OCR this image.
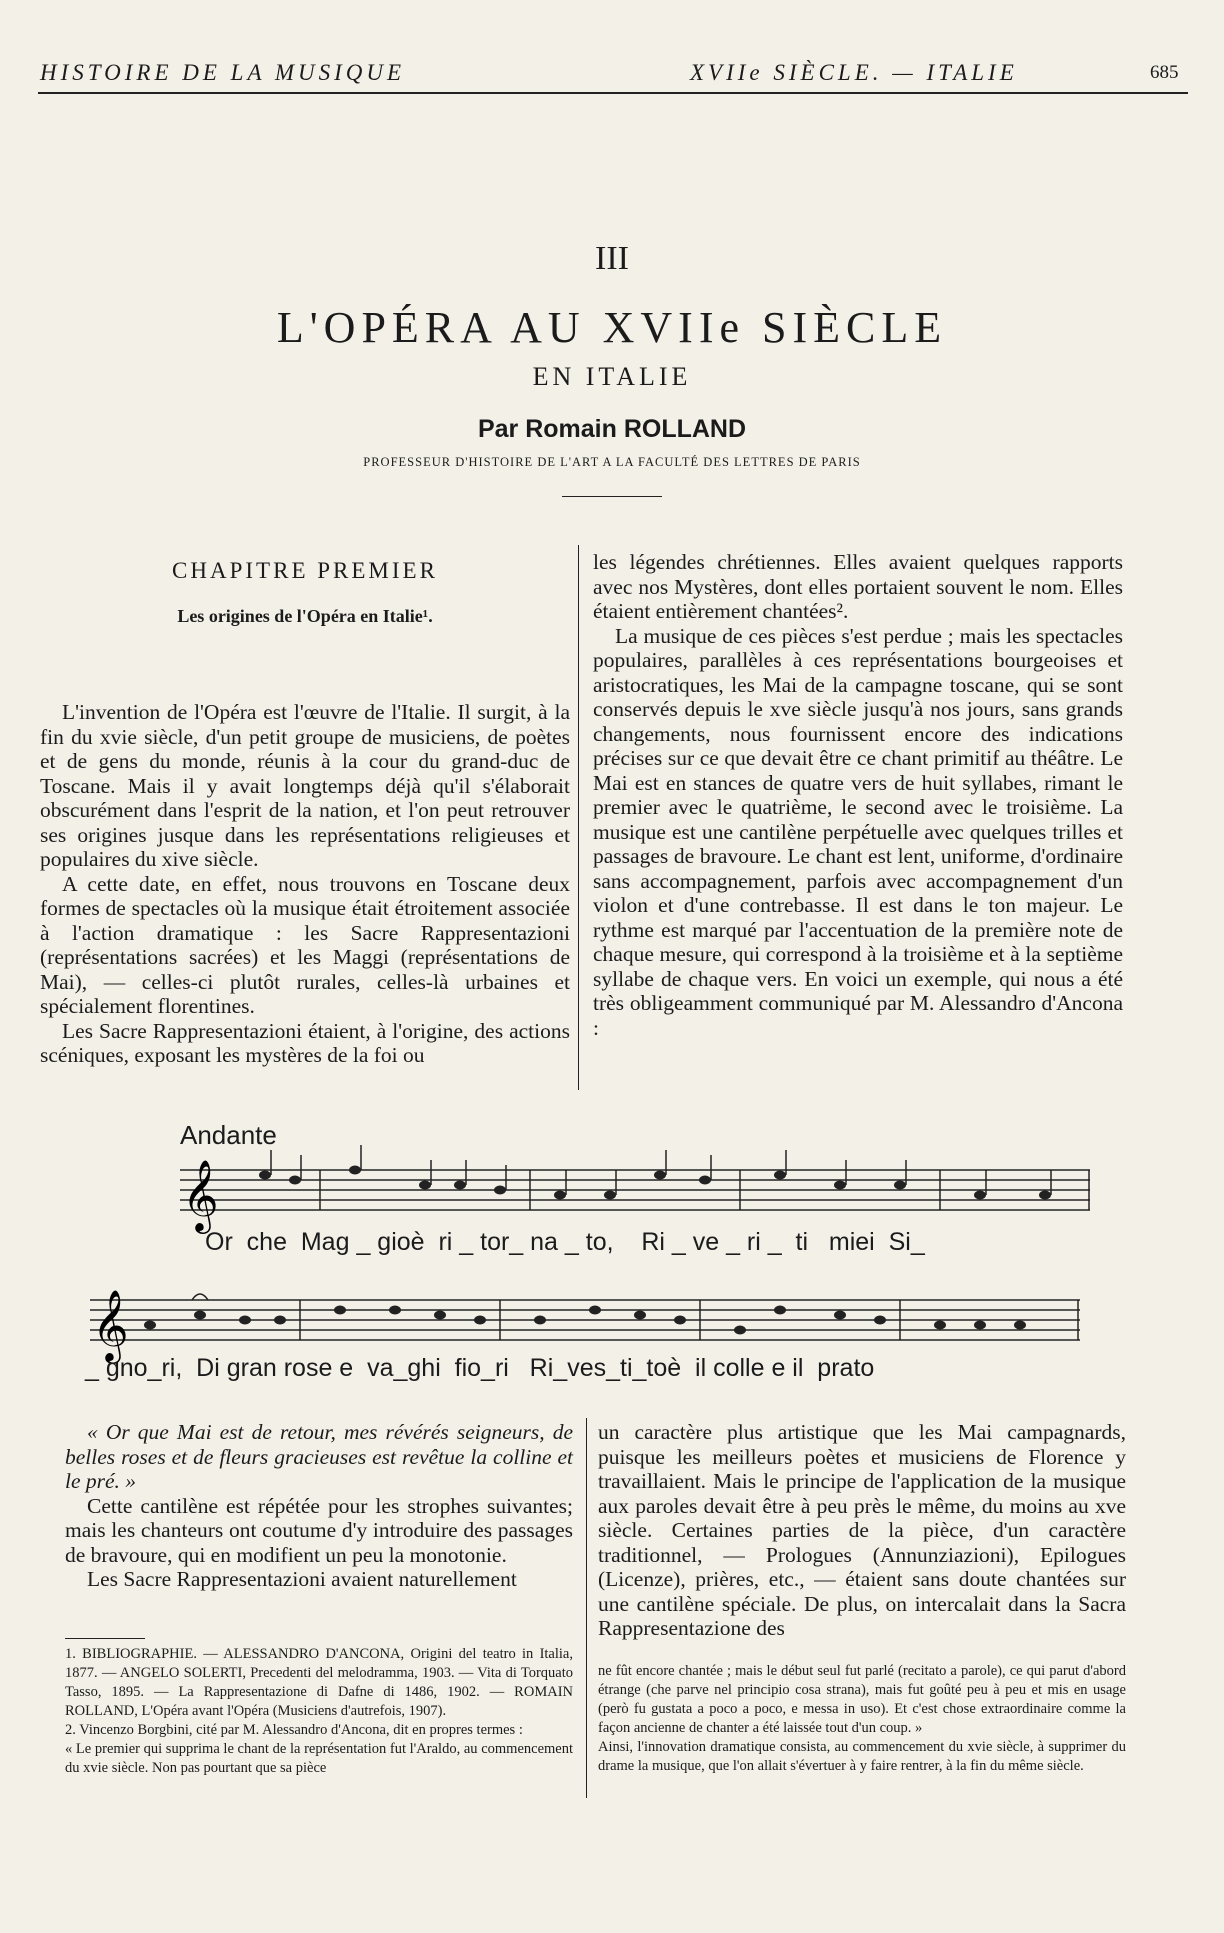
HISTOIRE DE LA MUSIQUE	XVIIe SIÈCLE. — ITALIE	685
III
L'OPÉRA AU XVIIe SIÈCLE
EN ITALIE
Par Romain ROLLAND
PROFESSEUR D'HISTOIRE DE L'ART A LA FACULTÉ DES LETTRES DE PARIS
CHAPITRE PREMIER
Les origines de l'Opéra en Italie¹.

L'invention de l'Opéra est l'œuvre de l'Italie. Il surgit, à la fin du xvie siècle, d'un petit groupe de musiciens, de poètes et de gens du monde, réunis à la cour du grand-duc de Toscane. Mais il y avait longtemps déjà qu'il s'élaborait obscurément dans l'esprit de la nation, et l'on peut retrouver ses origines jusque dans les représentations religieuses et populaires du xive siècle.

A cette date, en effet, nous trouvons en Toscane deux formes de spectacles où la musique était étroitement associée à l'action dramatique : les Sacre Rappresentazioni (représentations sacrées) et les Maggi (représentations de Mai), — celles-ci plutôt rurales, celles-là urbaines et spécialement florentines.

Les Sacre Rappresentazioni étaient, à l'origine, des actions scéniques, exposant les mystères de la foi ou

les légendes chrétiennes. Elles avaient quelques rapports avec nos Mystères, dont elles portaient souvent le nom. Elles étaient entièrement chantées².

La musique de ces pièces s'est perdue ; mais les spectacles populaires, parallèles à ces représentations bourgeoises et aristocratiques, les Mai de la campagne toscane, qui se sont conservés depuis le xve siècle jusqu'à nos jours, sans grands changements, nous fournissent encore des indications précises sur ce que devait être ce chant primitif au théâtre. Le Mai est en stances de quatre vers de huit syllabes, rimant le premier avec le quatrième, le second avec le troisième. La musique est une cantilène perpétuelle avec quelques trilles et passages de bravoure. Le chant est lent, uniforme, d'ordinaire sans accompagnement, parfois avec accompagnement d'un violon et d'une contrebasse. Il est dans le ton majeur. Le rythme est marqué par l'accentuation de la première note de chaque mesure, qui correspond à la troisième et à la septième syllabe de chaque vers. En voici un exemple, qui nous a été très obligeamment communiqué par M. Alessandro d'Ancona :

Andante
𝄞
𝄞
Or  che  Mag _ gioè  ri _ tor_ na _ to,    Ri _ ve _ ri _  ti   miei  Si_
_ gno_ri,  Di gran rose e  va_ghi  fio_ri   Ri_ves_ti_toè  il colle e il  prato

« Or que Mai est de retour, mes révérés seigneurs, de belles roses et de fleurs gracieuses est revêtue la colline et le pré. »

Cette cantilène est répétée pour les strophes suivantes; mais les chanteurs ont coutume d'y introduire des passages de bravoure, qui en modifient un peu la monotonie.

Les Sacre Rappresentazioni avaient naturellement

un caractère plus artistique que les Mai campagnards, puisque les meilleurs poètes et musiciens de Florence y travaillaient. Mais le principe de l'application de la musique aux paroles devait être à peu près le même, du moins au xve siècle. Certaines parties de la pièce, d'un caractère traditionnel, — Prologues (Annunziazioni), Epilogues (Licenze), prières, etc., — étaient sans doute chantées sur une cantilène spéciale. De plus, on intercalait dans la Sacra Rappresentazione des

1. BIBLIOGRAPHIE. — ALESSANDRO D'ANCONA, Origini del teatro in Italia, 1877. — ANGELO SOLERTI, Precedenti del melodramma, 1903. — Vita di Torquato Tasso, 1895. — La Rappresentazione di Dafne di 1486, 1902. — ROMAIN ROLLAND, L'Opéra avant l'Opéra (Musiciens d'autrefois, 1907).

2. Vincenzo Borgbini, cité par M. Alessandro d'Ancona, dit en propres termes :

« Le premier qui supprima le chant de la représentation fut l'Araldo, au commencement du xvie siècle. Non pas pourtant que sa pièce

ne fût encore chantée ; mais le début seul fut parlé (recitato a parole), ce qui parut d'abord étrange (che parve nel principio cosa strana), mais fut goûté peu à peu et mis en usage (però fu gustata a poco a poco, e messa in uso). Et c'est chose extraordinaire comme la façon ancienne de chanter a été laissée tout d'un coup. »

Ainsi, l'innovation dramatique consista, au commencement du xvie siècle, à supprimer du drame la musique, que l'on allait s'évertuer à y faire rentrer, à la fin du même siècle.
